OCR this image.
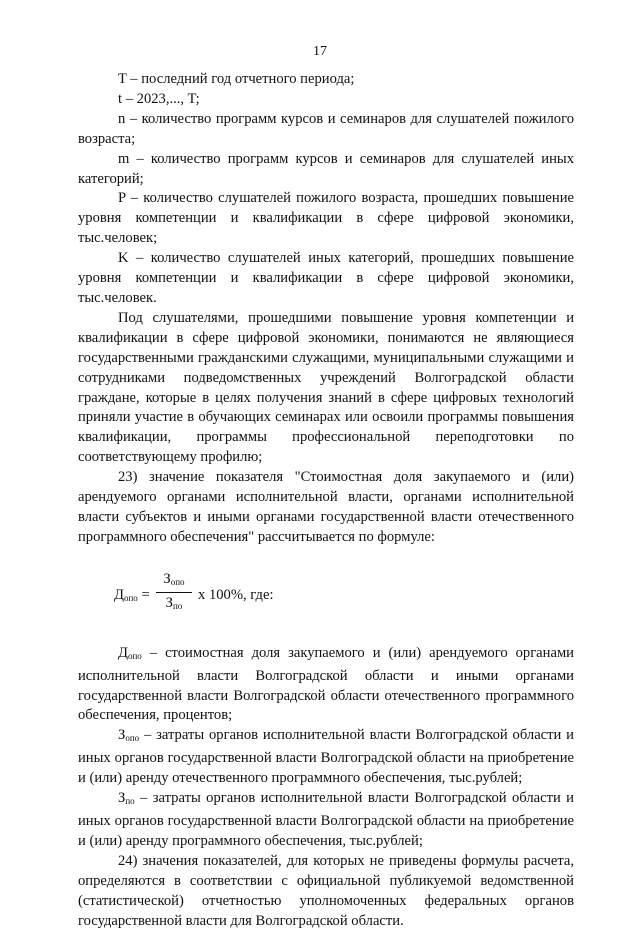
17

T – последний год отчетного периода;

t – 2023,..., T;

n – количество программ курсов и семинаров для слушателей пожилого возраста;

m – количество программ курсов и семинаров для слушателей иных категорий;

P – количество слушателей пожилого возраста, прошедших повышение уровня компетенции и квалификации в сфере цифровой экономики, тыс.человек;

K – количество слушателей иных категорий, прошедших повышение уровня компетенции и квалификации в сфере цифровой экономики, тыс.человек.

Под слушателями, прошедшими повышение уровня компетенции и квалификации в сфере цифровой экономики, понимаются не являющиеся государственными гражданскими служащими, муниципальными служащими и сотрудниками подведомственных учреждений Волгоградской области граждане, которые в целях получения знаний в сфере цифровых технологий приняли участие в обучающих семинарах или освоили программы повышения квалификации, программы профессиональной переподготовки по соответствующему профилю;

23) значение показателя "Стоимостная доля закупаемого и (или) арендуемого органами исполнительной власти, органами исполнительной власти субъектов и иными органами государственной власти отечественного программного обеспечения" рассчитывается по формуле:

$Д_{опо}$ =
$З_{опо}$
$З_{по}$
x 100%, где:

$Д_{опо}$ – стоимостная доля закупаемого и (или) арендуемого органами исполнительной власти Волгоградской области и иными органами государственной власти Волгоградской области отечественного программного обеспечения, процентов;

$З_{опо}$ – затраты органов исполнительной власти Волгоградской области и иных органов государственной власти Волгоградской области на приобретение и (или) аренду отечественного программного обеспечения, тыс.рублей;

$З_{по}$ – затраты органов исполнительной власти Волгоградской области и иных органов государственной власти Волгоградской области на приобретение и (или) аренду программного обеспечения, тыс.рублей;

24) значения показателей, для которых не приведены формулы расчета, определяются в соответствии с официальной публикуемой ведомственной (статистической) отчетностью уполномоченных федеральных органов государственной власти для Волгоградской области.
